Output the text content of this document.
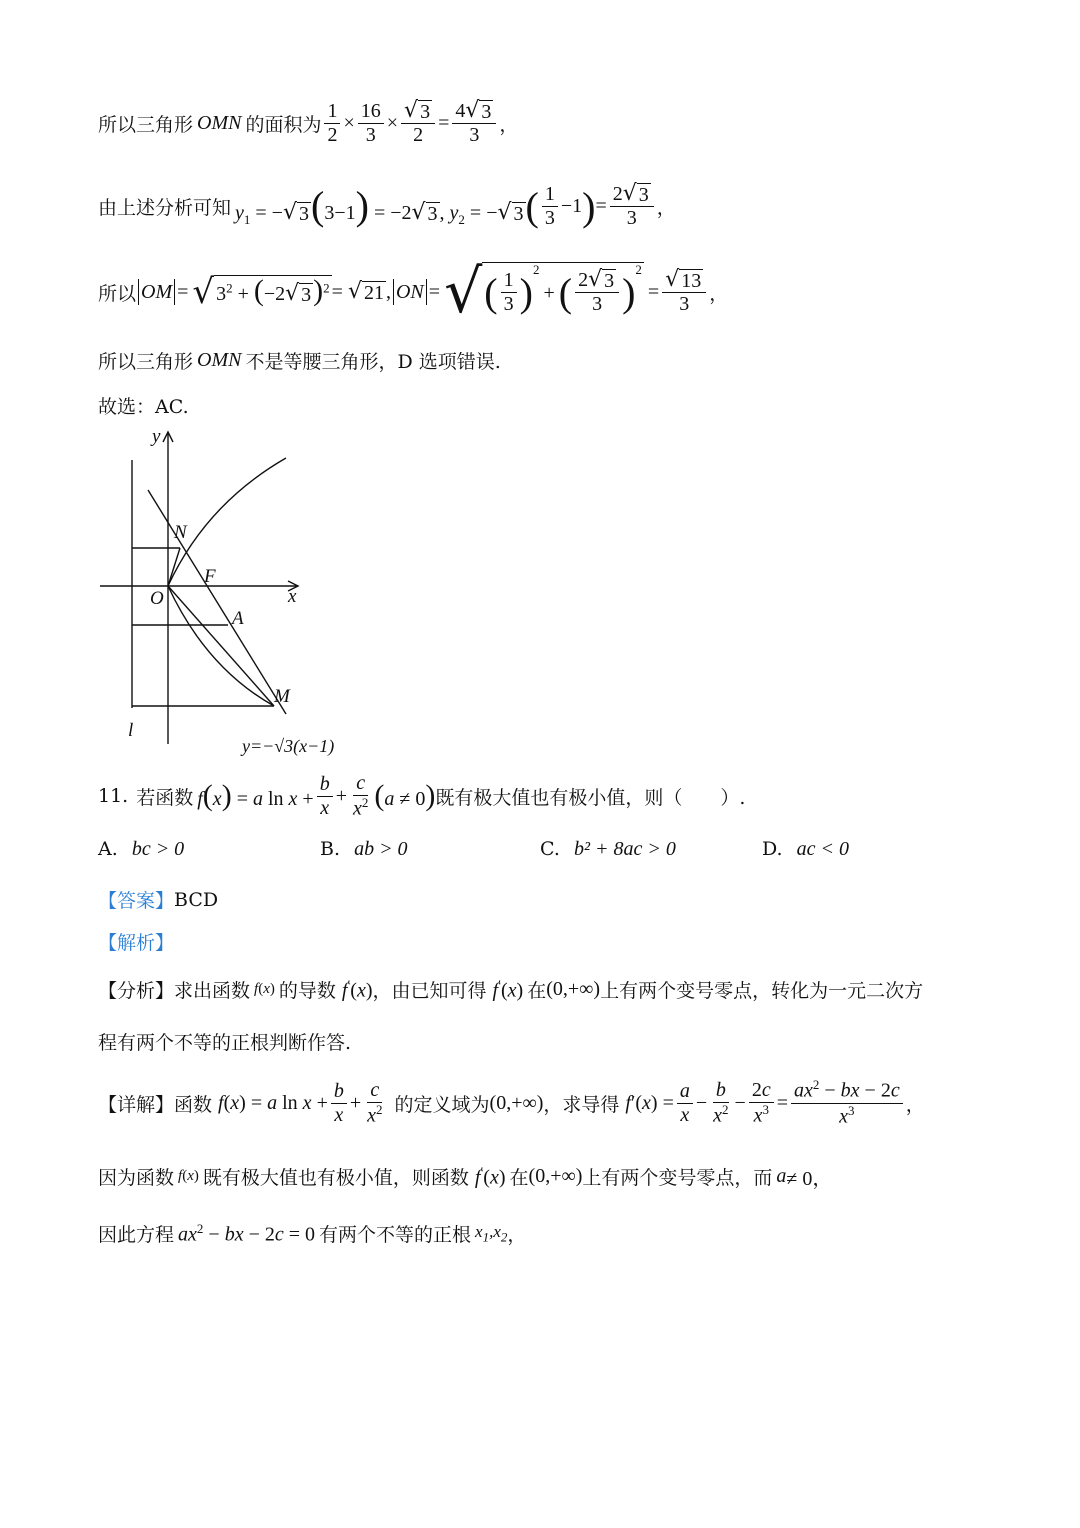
所以三角形 OMN 的面积为 $\frac{1}{2} \times \frac{16}{3} \times \frac{√ 3}{2} = \frac{4 √ 3}{3}$ ，
由上述分析可知 $y_1$ = − √ 3 (3−1) = −2 √ 3 , $y_2$ = − √ 3 ( $\frac{1}{3} -1$ ) = $\frac{2 √ 3}{3}$ ，
所以 OM = √ $3^2 + (-2$ √ 3 )$^2$ = √ 21 , ON = √ ( $\frac{1}{3} )^2$
+ ( $\frac{2 √ 3}{3} )^2$
= $\frac{√ 13}{3}$ ，
所以三角形 OMN 不是等腰三角形，D 选项错误.
故选：AC.
y
x
O
N
F
A
M
l
y=−√3(x−1)
11. 若函数 f(x) = a $\ln x + \frac{b}{x} + \frac{c}{x^2} (a \ne 0)$ 既有极大值也有极小值，则（　　）.
A. bc > 0	B. ab > 0	C. b² + 8ac > 0	D. ac < 0
【答案】 BCD
【解析】
【分析】 求出函数 f(x) 的导数 f′(x) ，由已知可得 f′(x) 在 (0,+∞) 上有两个变号零点，转化为一元二次方
程有两个不等的正根判断作答.
【详解】 函数 f(x) = a $\ln x + \frac{b}{x} + \frac{c}{x^2}$ 的定义域为 (0,+∞) ，求导得 $f'(x) = \frac{a}{x} - \frac{b}{x^2} - \frac{2c}{x^3} = \frac{ax^2 - bx - 2c}{x^3}$ ，
因为函数 f(x) 既有极大值也有极小值，则函数 f′(x) 在 (0,+∞) 上有两个变号零点，而 a ≠ 0，
因此方程 $ax^2$ − bx − 2c = 0 有两个不等的正根 $x_1,x_2$ ，
